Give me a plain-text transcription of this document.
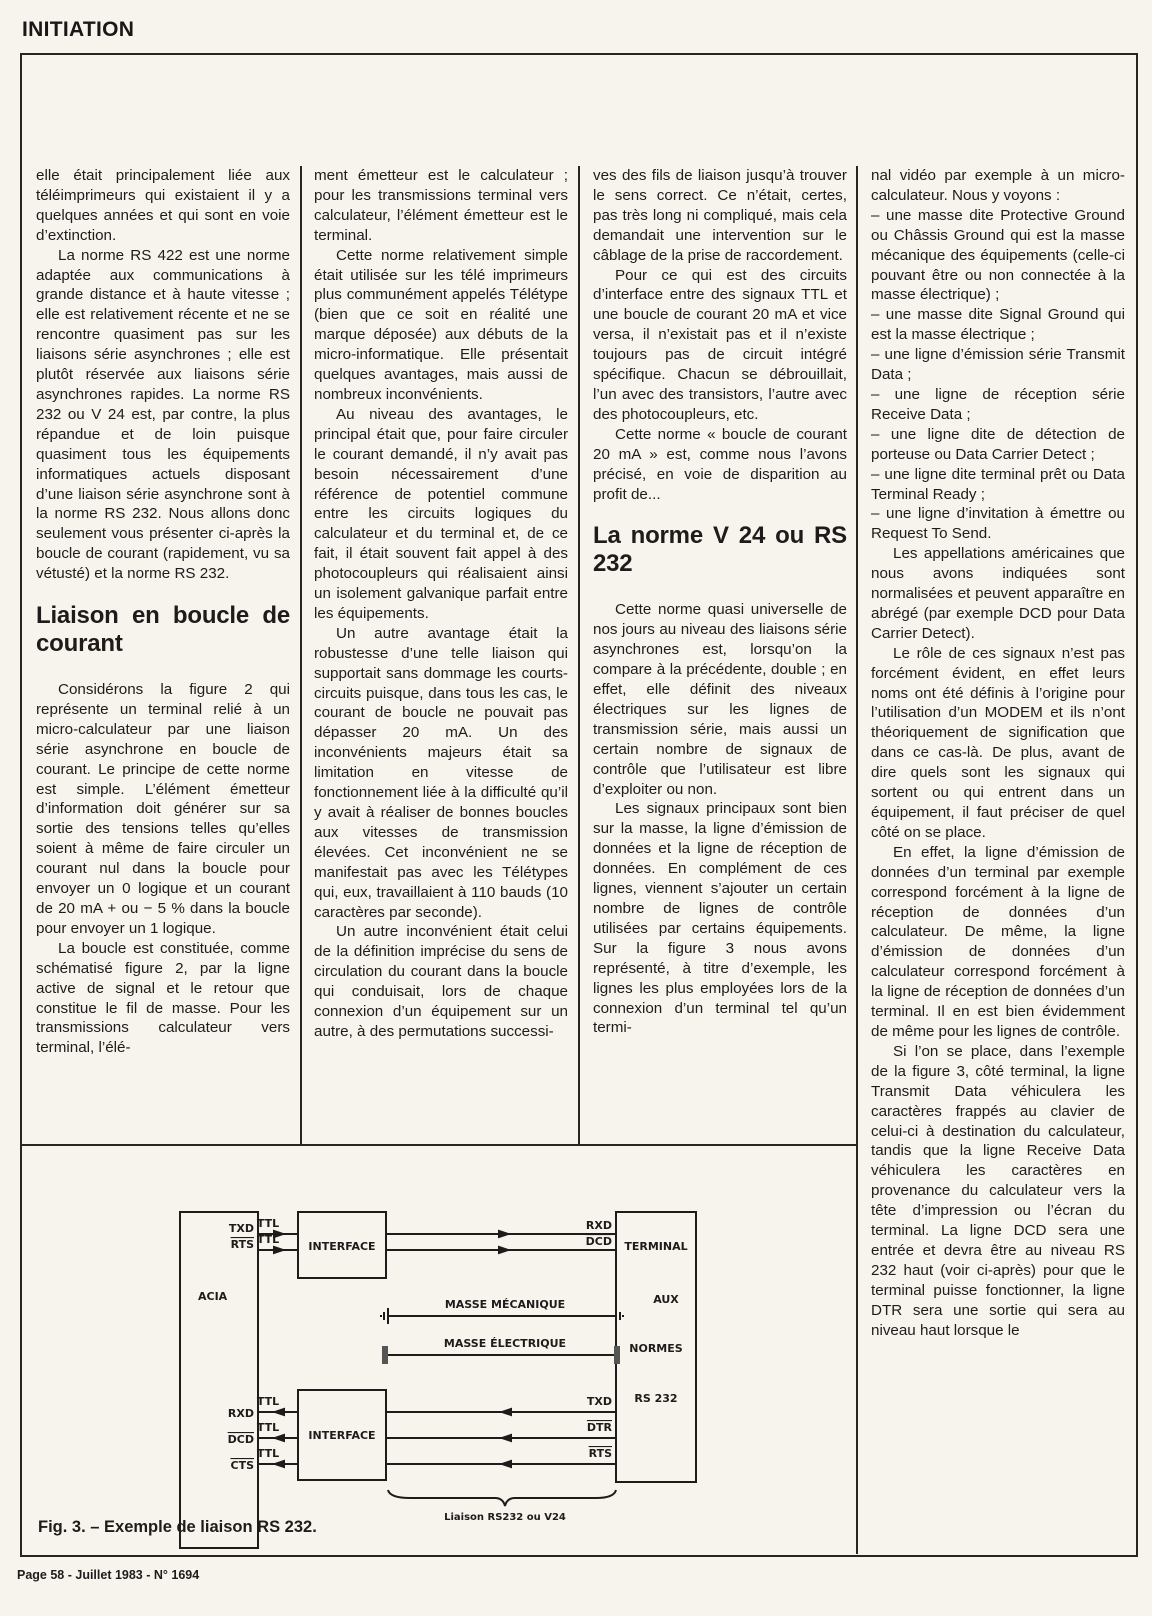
INITIATION

elle était principalement liée aux téléimprimeurs qui existaient il y a quelques années et qui sont en voie d’extinction.

La norme RS 422 est une norme adaptée aux communications à grande distance et à haute vitesse ; elle est relativement récente et ne se rencontre quasiment pas sur les liaisons série asynchrones ; elle est plutôt réservée aux liaisons série asynchrones rapides. La norme RS 232 ou V 24 est, par contre, la plus répandue et de loin puisque quasiment tous les équipements informatiques actuels disposant d’une liaison série asynchrone sont à la norme RS 232. Nous allons donc seulement vous présenter ci-après la boucle de courant (rapidement, vu sa vétusté) et la norme RS 232.

Liaison en boucle de courant

Considérons la figure 2 qui représente un terminal relié à un micro-calculateur par une liaison série asynchrone en boucle de courant. Le principe de cette norme est simple. L’élément émetteur d’information doit générer sur sa sortie des tensions telles qu’elles soient à même de faire circuler un courant nul dans la boucle pour envoyer un 0 logique et un courant de 20 mA + ou − 5 % dans la boucle pour envoyer un 1 logique.

La boucle est constituée, comme schématisé figure 2, par la ligne active de signal et le retour que constitue le fil de masse. Pour les transmissions calculateur vers terminal, l’élé-

ment émetteur est le calculateur ; pour les transmissions terminal vers calculateur, l’élément émetteur est le terminal.

Cette norme relativement simple était utilisée sur les télé imprimeurs plus communément appelés Télétype (bien que ce soit en réalité une marque déposée) aux débuts de la micro-informatique. Elle présentait quelques avantages, mais aussi de nombreux inconvénients.

Au niveau des avantages, le principal était que, pour faire circuler le courant demandé, il n’y avait pas besoin nécessairement d’une référence de potentiel commune entre les circuits logiques du calculateur et du terminal et, de ce fait, il était souvent fait appel à des photocoupleurs qui réalisaient ainsi un isolement galvanique parfait entre les équipements.

Un autre avantage était la robustesse d’une telle liaison qui supportait sans dommage les courts-circuits puisque, dans tous les cas, le courant de boucle ne pouvait pas dépasser 20 mA. Un des inconvénients majeurs était sa limitation en vitesse de fonctionnement liée à la difficulté qu’il y avait à réaliser de bonnes boucles aux vitesses de transmission élevées. Cet inconvénient ne se manifestait pas avec les Télétypes qui, eux, travaillaient à 110 bauds (10 caractères par seconde).

Un autre inconvénient était celui de la définition imprécise du sens de circulation du courant dans la boucle qui conduisait, lors de chaque connexion d’un équipement sur un autre, à des permutations successi-

ves des fils de liaison jusqu’à trouver le sens correct. Ce n’était, certes, pas très long ni compliqué, mais cela demandait une intervention sur le câblage de la prise de raccordement.

Pour ce qui est des circuits d’interface entre des signaux TTL et une boucle de courant 20 mA et vice versa, il n’existait pas et il n’existe toujours pas de circuit intégré spécifique. Chacun se débrouillait, l’un avec des transistors, l’autre avec des photocoupleurs, etc.

Cette norme « boucle de courant 20 mA » est, comme nous l’avons précisé, en voie de disparition au profit de...

La norme V 24 ou RS 232

Cette norme quasi universelle de nos jours au niveau des liaisons série asynchrones est, lorsqu’on la compare à la précédente, double ; en effet, elle définit des niveaux électriques sur les lignes de transmission série, mais aussi un certain nombre de signaux de contrôle que l’utilisateur est libre d’exploiter ou non.

Les signaux principaux sont bien sur la masse, la ligne d’émission de données et la ligne de réception de données. En complément de ces lignes, viennent s’ajouter un certain nombre de lignes de contrôle utilisées par certains équipements. Sur la figure 3 nous avons représenté, à titre d’exemple, les lignes les plus employées lors de la connexion d’un terminal tel qu’un termi-

nal vidéo par exemple à un micro-calculateur. Nous y voyons :

– une masse dite Protective Ground ou Châssis Ground qui est la masse mécanique des équipements (celle-ci pouvant être ou non connectée à la masse électrique) ;

– une masse dite Signal Ground qui est la masse électrique ;

– une ligne d’émission série Transmit Data ;

– une ligne de réception série Receive Data ;

– une ligne dite de détection de porteuse ou Data Carrier Detect ;

– une ligne dite terminal prêt ou Data Terminal Ready ;

– une ligne d’invitation à émettre ou Request To Send.

Les appellations américaines que nous avons indiquées sont normalisées et peuvent apparaître en abrégé (par exemple DCD pour Data Carrier Detect).

Le rôle de ces signaux n’est pas forcément évident, en effet leurs noms ont été définis à l’origine pour l’utilisation d’un MODEM et ils n’ont théoriquement de signification que dans ce cas-là. De plus, avant de dire quels sont les signaux qui sortent ou qui entrent dans un équipement, il faut préciser de quel côté on se place.

En effet, la ligne d’émission de données d’un terminal par exemple correspond forcément à la ligne de réception de données d’un calculateur. De même, la ligne d’émission de données d’un calculateur correspond forcément à la ligne de réception de données d’un terminal. Il en est bien évidemment de même pour les lignes de contrôle.

Si l’on se place, dans l’exemple de la figure 3, côté terminal, la ligne Transmit Data véhiculera les caractères frappés au clavier de celui-ci à destination du calculateur, tandis que la ligne Receive Data véhiculera les caractères en provenance du calculateur vers la tête d’impression ou l’écran du terminal. La ligne DCD sera une entrée et devra être au niveau RS 232 haut (voir ci-après) pour que le terminal puisse fonctionner, la ligne DTR sera une sortie qui sera au niveau haut lorsque le

ACIA
INTERFACE
INTERFACE
TTL
TXD	RXD
TTL
RTS	DCD
MASSE MÉCANIQUE
MASSE ÉLECTRIQUE
TTL
RXD
TXD
TTL
DCD
DTR
TTL
CTS
RTS
TERMINAL
AUX
NORMES
RS 232
Liaison RS232 ou V24
Fig. 3. – Exemple de liaison RS 232.
Page 58 - Juillet 1983 - N° 1694
